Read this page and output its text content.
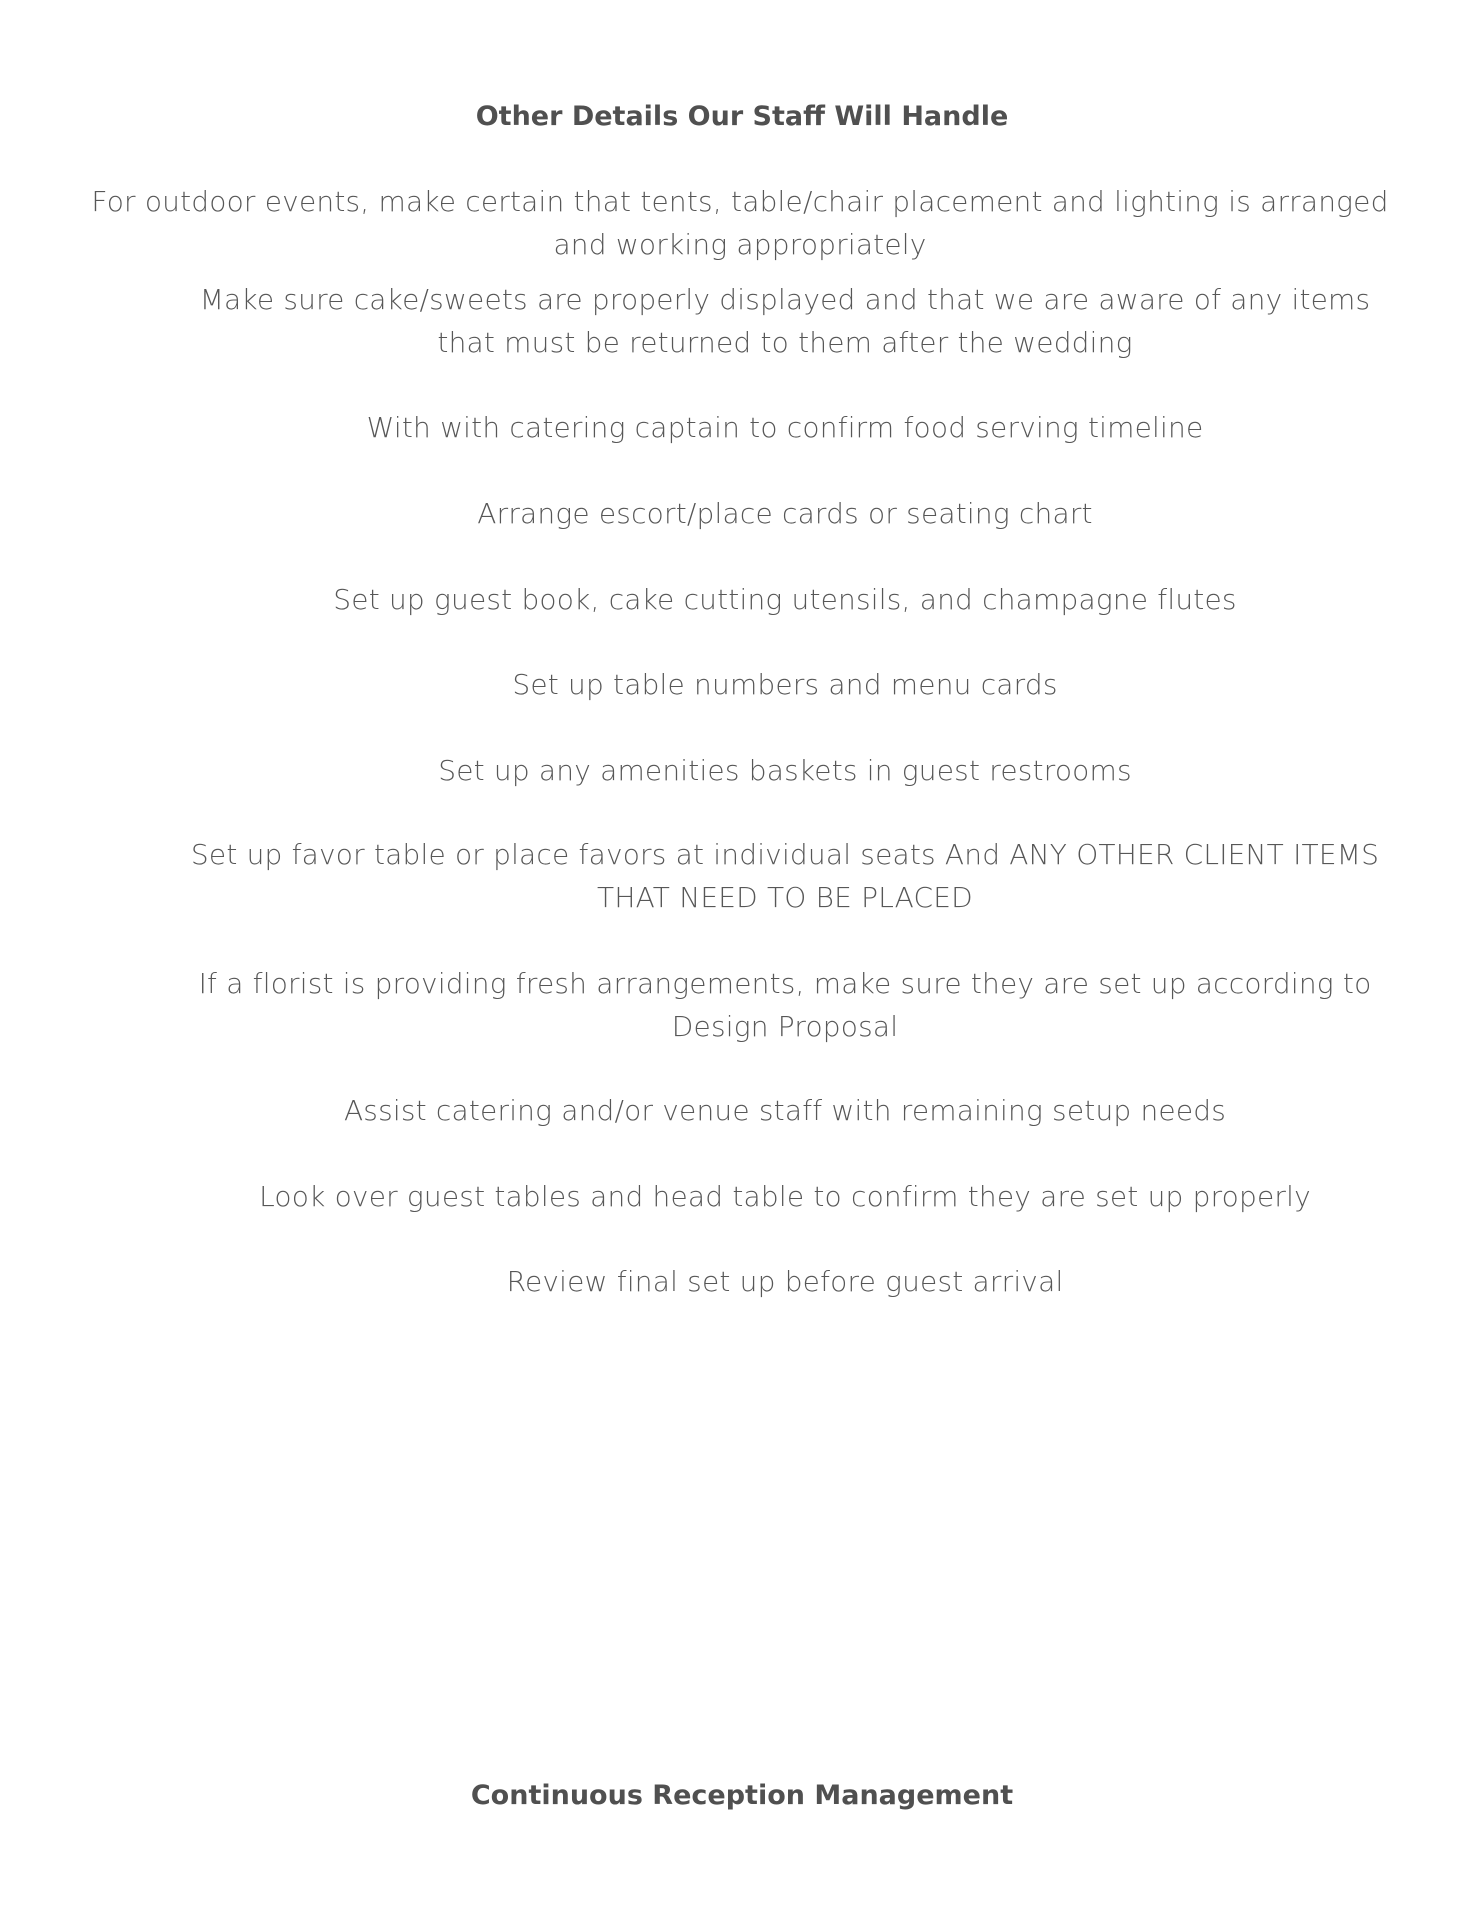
Other Details Our Staff Will Handle

For outdoor events, make certain that tents, table/chair placement and lighting is arranged and working appropriately

Make sure cake/sweets are properly displayed and that we are aware of any items that must be returned to them after the wedding

With with catering captain to confirm food serving timeline

Arrange escort/place cards or seating chart

Set up guest book, cake cutting utensils, and champagne flutes

Set up table numbers and menu cards

Set up any amenities baskets in guest restrooms

Set up favor table or place favors at individual seats And ANY OTHER CLIENT ITEMS THAT NEED TO BE PLACED

If a florist is providing fresh arrangements, make sure they are set up according to Design Proposal

Assist catering and/or venue staff with remaining setup needs

Look over guest tables and head table to confirm they are set up properly

Review final set up before guest arrival

Continuous Reception Management
